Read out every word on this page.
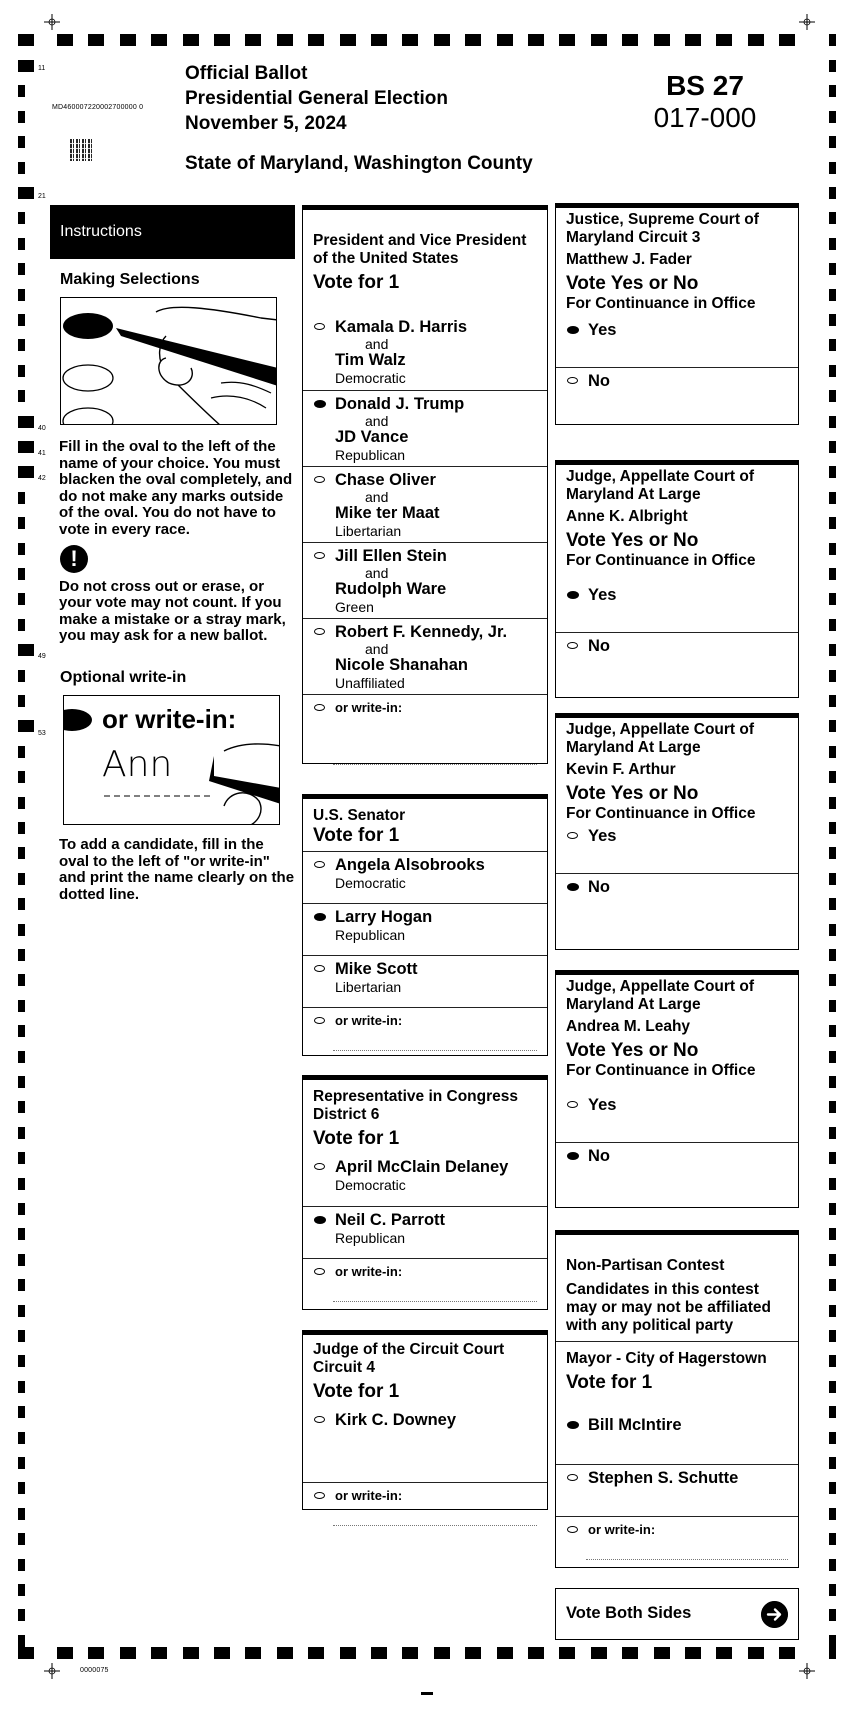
11
21
40
41
42
49
53
Official Ballot
Presidential General Election
November 5, 2024
State of Maryland, Washington County
MD460007220002700000 0
BS 27
017-000
Instructions
Making Selections

Fill in the oval to the left of the name of your choice. You must blacken the oval completely, and do not make any marks outside of the oval. You do not have to vote in every race.

!

Do not cross out or erase, or your vote may not count. If you make a mistake or a stray mark, you may ask for a new ballot.

Optional write-in
or write-in:
Ann

To add a candidate, fill in the oval to the left of "or write-in" and print the name clearly on the dotted line.

President and Vice President of the United States
Vote for 1
Kamala D. Harris
and
Tim Walz
Democratic
Donald J. Trump
and
JD Vance
Republican
Chase Oliver
and
Mike ter Maat
Libertarian
Jill Ellen Stein
and
Rudolph Ware
Green
Robert F. Kennedy, Jr.
and
Nicole Shanahan
Unaffiliated
or write-in:
U.S. Senator
Vote for 1
Angela Alsobrooks
Democratic
Larry Hogan
Republican
Mike Scott
Libertarian
or write-in:
Representative in Congress District 6
Vote for 1
April McClain Delaney
Democratic
Neil C. Parrott
Republican
or write-in:
Judge of the Circuit Court Circuit 4
Vote for 1
Kirk C. Downey
or write-in:
Justice, Supreme Court of Maryland Circuit 3
Matthew J. Fader
Vote Yes or No
For Continuance in Office
Yes
No
Judge, Appellate Court of Maryland At Large
Anne K. Albright
Vote Yes or No
For Continuance in Office
Yes
No
Judge, Appellate Court of Maryland At Large
Kevin F. Arthur
Vote Yes or No
For Continuance in Office
Yes
No
Judge, Appellate Court of Maryland At Large
Andrea M. Leahy
Vote Yes or No
For Continuance in Office
Yes
No
Non-Partisan Contest
Candidates in this contest may or may not be affiliated with any political party
Mayor - City of Hagerstown
Vote for 1
Bill McIntire
Stephen S. Schutte
or write-in:
Vote Both Sides
0000075
